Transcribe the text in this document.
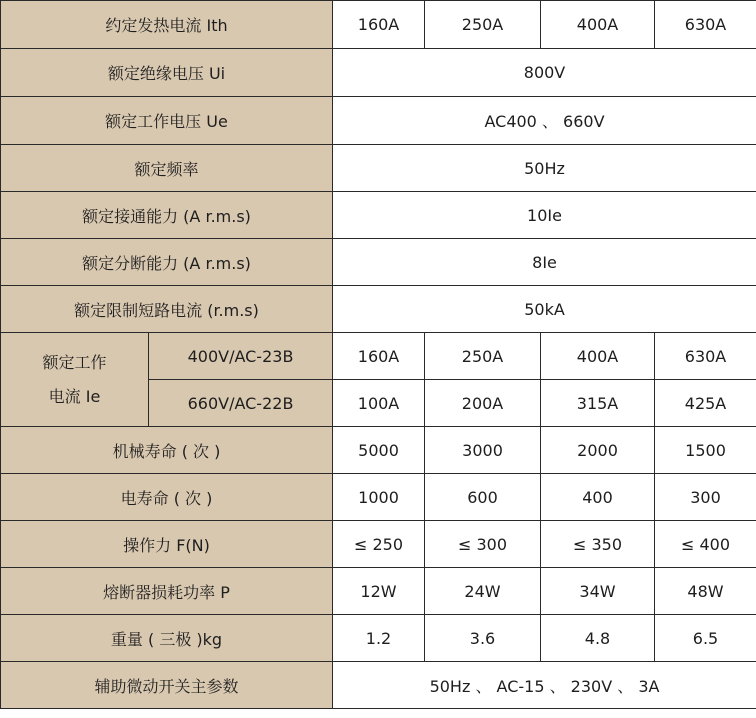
约定发热电流 Ith		160A	250A	400A	630A
额定绝缘电压 Ui		800V			
额定工作电压 Ue		AC400 、 660V			
额定频率		50Hz			
额定接通能力 (A r.m.s)		10Ie			
额定分断能力 (A r.m.s)		8Ie			
额定限制短路电流 (r.m.s)		50kA			

额定工作
电流 Ie	400V/AC-23B	160A	250A	400A	630A
	660V/AC-22B	100A	200A	315A	425A
机械寿命 ( 次 )		5000	3000	2000	1500
电寿命 ( 次 )		1000	600	400	300
操作力 F(N)		≤ 250	≤ 300	≤ 350	≤ 400
熔断器损耗功率 P		12W	24W	34W	48W
重量 ( 三极 )kg		1.2	3.6	4.8	6.5
辅助微动开关主参数		50Hz 、 AC-15 、 230V 、 3A			
